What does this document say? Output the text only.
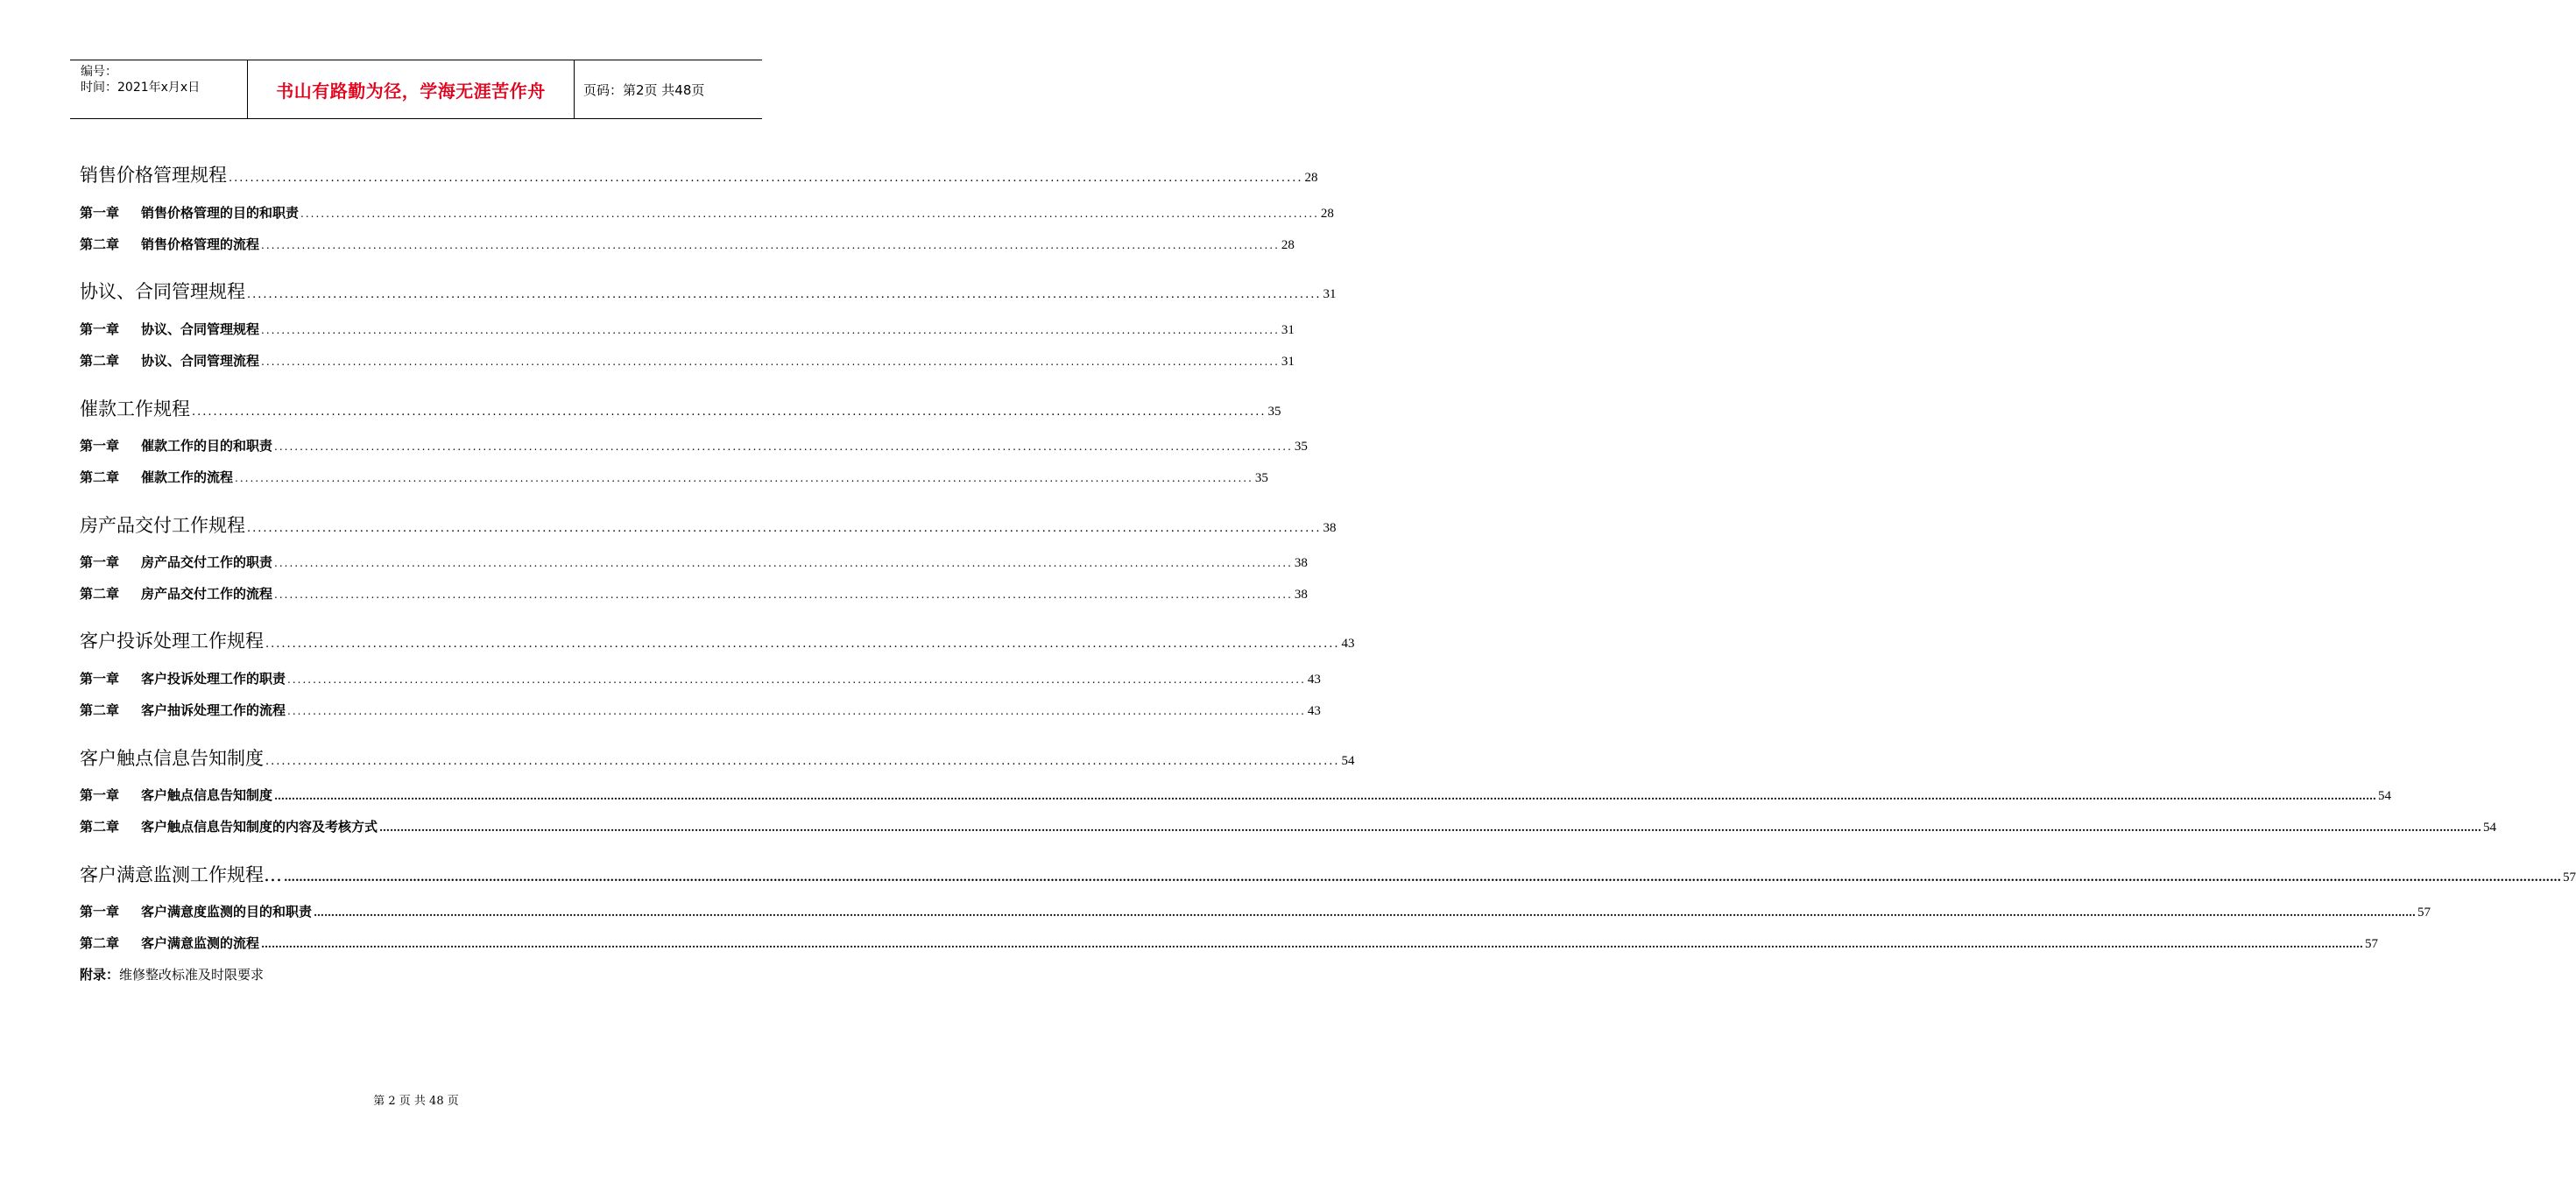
编号：
时间：2021年x月x日	书山有路勤为径，学海无涯苦作舟	页码：第2页 共48页
销售价格管理规程 ........................................................................................................................................................................................................ 28
第一章 销售价格管理的目的和职责 ........................................................................................................................................................................................................ 28
第二章 销售价格管理的流程 ........................................................................................................................................................................................................ 28
协议、合同管理规程 ........................................................................................................................................................................................................ 31
第一章 协议、合同管理规程 ........................................................................................................................................................................................................ 31
第二章 协议、合同管理流程 ........................................................................................................................................................................................................ 31
催款工作规程 ........................................................................................................................................................................................................ 35
第一章 催款工作的目的和职责 ........................................................................................................................................................................................................ 35
第二章 催款工作的流程 ........................................................................................................................................................................................................ 35
房产品交付工作规程 ........................................................................................................................................................................................................ 38
第一章 房产品交付工作的职责 ........................................................................................................................................................................................................ 38
第二章 房产品交付工作的流程 ........................................................................................................................................................................................................ 38
客户投诉处理工作规程 ........................................................................................................................................................................................................ 43
第一章 客户投诉处理工作的职责 ........................................................................................................................................................................................................ 43
第二章 客户抽诉处理工作的流程 ........................................................................................................................................................................................................ 43
客户触点信息告知制度 ........................................................................................................................................................................................................ 54
第一章 客户触点信息告知制度 …………………………………………………………………………………………………………………………………………………………………………………………………………………………………………………………………………………………………………………………………………………………………………………………………………………………………………………………………………………………………………………………………………………… 54
第二章 客户触点信息告知制度的内容及考核方式 …………………………………………………………………………………………………………………………………………………………………………………………………………………………………………………………………………………………………………………………………………………………………………………………………………………………………………………………………………………………………………………………………………………… 54
客户满意监测工作规程… …………………………………………………………………………………………………………………………………………………………………………………………………………………………………………………………………………………………………………………………………………………………………………………………………………………………………………………………………………………………………………………………………………………… 57
第一章 客户满意度监测的目的和职责 …………………………………………………………………………………………………………………………………………………………………………………………………………………………………………………………………………………………………………………………………………………………………………………………………………………………………………………………………………………………………………………………………………………… 57
第二章 客户满意监测的流程 …………………………………………………………………………………………………………………………………………………………………………………………………………………………………………………………………………………………………………………………………………………………………………………………………………………………………………………………………………………………………………………………………………………… 57
附录：维修整改标准及时限要求
第 2 页 共 48 页
